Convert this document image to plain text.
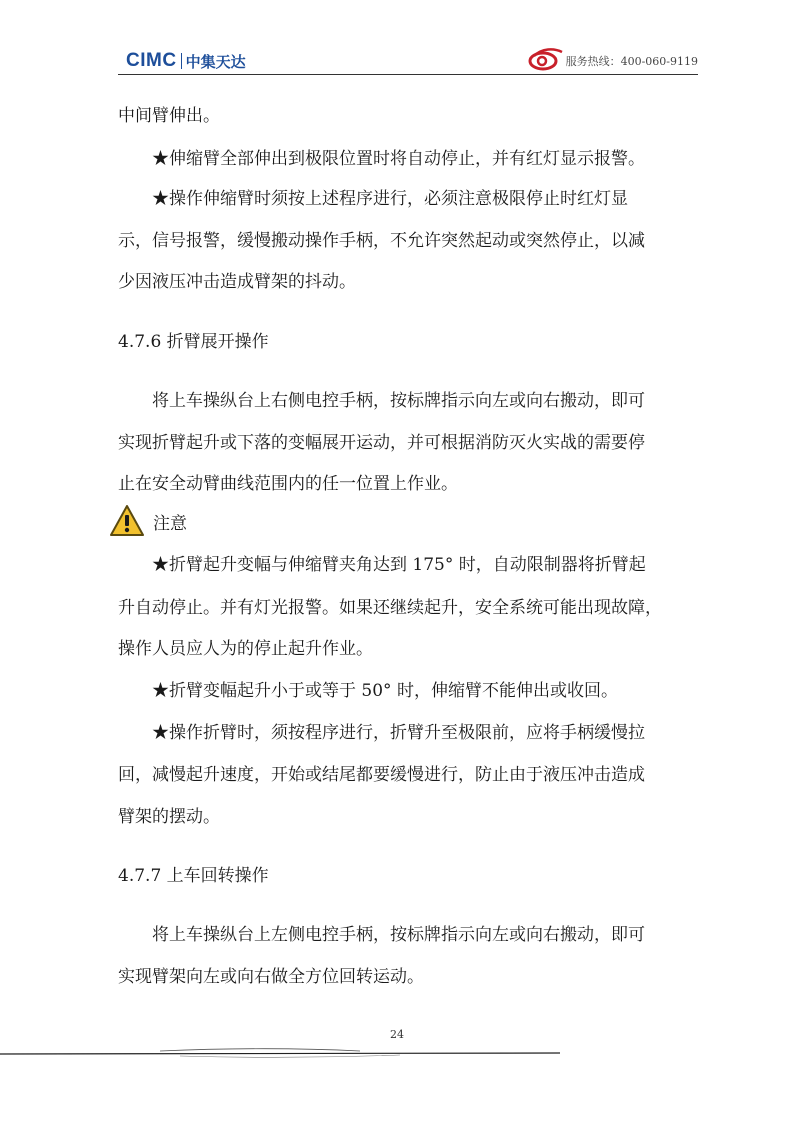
CIMC 中集天达	服务热线：400-060-9119

中间臂伸出。

★伸缩臂全部伸出到极限位置时将自动停止，并有红灯显示报警。

★操作伸缩臂时须按上述程序进行，必须注意极限停止时红灯显

示，信号报警，缓慢搬动操作手柄，不允许突然起动或突然停止，以减

少因液压冲击造成臂架的抖动。

4.7.6 折臂展开操作

将上车操纵台上右侧电控手柄，按标牌指示向左或向右搬动，即可

实现折臂起升或下落的变幅展开运动，并可根据消防灭火实战的需要停

止在安全动臂曲线范围内的任一位置上作业。

注意

★折臂起升变幅与伸缩臂夹角达到 175° 时，自动限制器将折臂起

升自动停止。并有灯光报警。如果还继续起升，安全系统可能出现故障，

操作人员应人为的停止起升作业。

★折臂变幅起升小于或等于 50° 时，伸缩臂不能伸出或收回。

★操作折臂时，须按程序进行，折臂升至极限前，应将手柄缓慢拉

回，减慢起升速度，开始或结尾都要缓慢进行，防止由于液压冲击造成

臂架的摆动。

4.7.7 上车回转操作

将上车操纵台上左侧电控手柄，按标牌指示向左或向右搬动，即可

实现臂架向左或向右做全方位回转运动。

24
